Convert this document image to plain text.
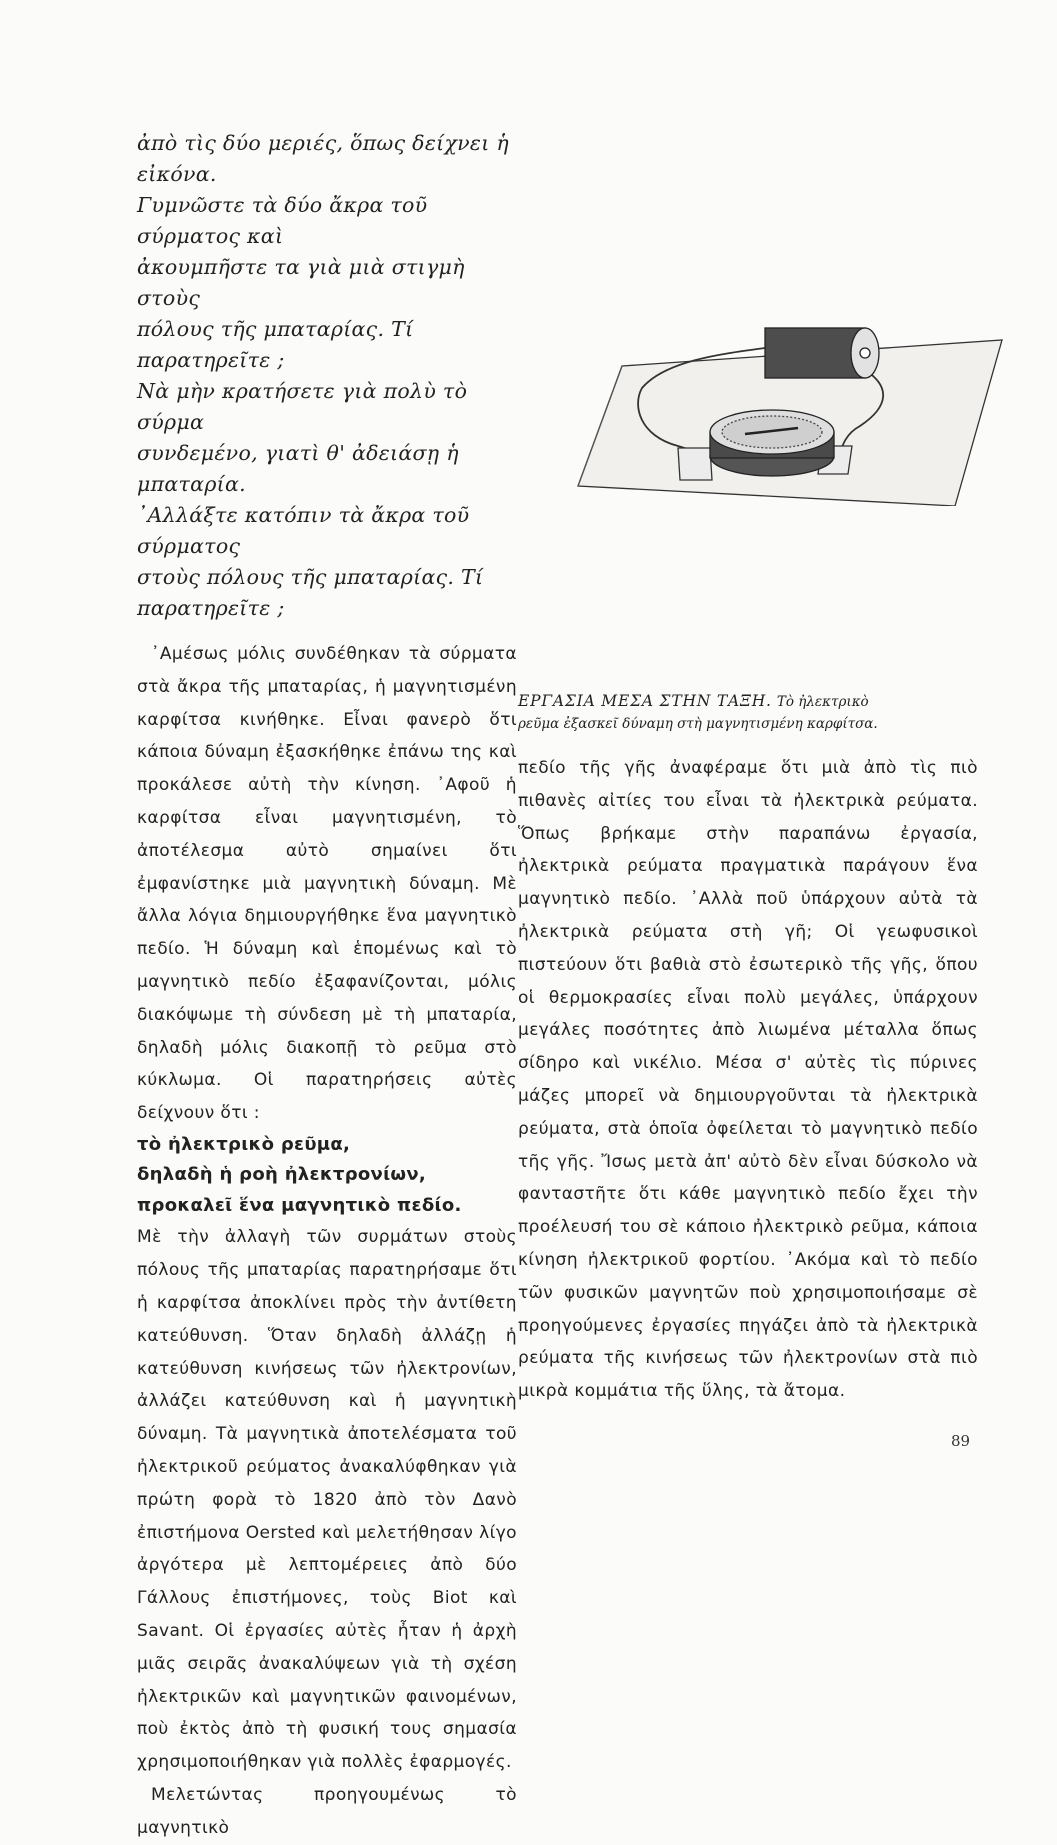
ἀπὸ τὶς δύο μεριές, ὅπως δείχνει ἡ εἰκόνα.
Γυμνῶστε τὰ δύο ἄκρα τοῦ σύρματος καὶ
ἀκουμπῆστε τα γιὰ μιὰ στιγμὴ στοὺς
πόλους τῆς μπαταρίας. Τί παρατηρεῖτε ;
Νὰ μὴν κρατήσετε γιὰ πολὺ τὸ σύρμα
συνδεμένο, γιατὶ θ' ἀδειάσῃ ἡ μπαταρία.
᾿Αλλάξτε κατόπιν τὰ ἄκρα τοῦ σύρματος
στοὺς πόλους τῆς μπαταρίας. Τί
παρατηρεῖτε ;

᾿Αμέσως μόλις συνδέθηκαν τὰ σύρματα στὰ ἄκρα τῆς μπαταρίας, ἡ μαγνητισμένη καρφίτσα κινήθηκε. Εἶναι φανερὸ ὅτι κάποια δύναμη ἐξασκήθηκε ἐπάνω της καὶ προκάλεσε αὐτὴ τὴν κίνηση. ᾿Αφοῦ ἡ καρφίτσα εἶναι μαγνητισμένη, τὸ ἀποτέλεσμα αὐτὸ σημαίνει ὅτι ἐμφανίστηκε μιὰ μαγνητικὴ δύναμη. Μὲ ἄλλα λόγια δημιουργήθηκε ἕνα μαγνητικὸ πεδίο. Ἡ δύναμη καὶ ἑπομένως καὶ τὸ μαγνητικὸ πεδίο ἐξαφανίζονται, μόλις διακόψωμε τὴ σύνδεση μὲ τὴ μπαταρία, δηλαδὴ μόλις διακοπῇ τὸ ρεῦμα στὸ κύκλωμα. Οἱ παρατηρήσεις αὐτὲς δείχνουν ὅτι :

τὸ ἠλεκτρικὸ ρεῦμα,
δηλαδὴ ἡ ροὴ ἠλεκτρονίων,
προκαλεῖ ἕνα μαγνητικὸ πεδίο.

Μὲ τὴν ἀλλαγὴ τῶν συρμάτων στοὺς πόλους τῆς μπαταρίας παρατηρήσαμε ὅτι ἡ καρφίτσα ἀποκλίνει πρὸς τὴν ἀντίθετη κατεύθυνση. Ὅταν δηλαδὴ ἀλλάζῃ ἡ κατεύθυνση κινήσεως τῶν ἠλεκτρονίων, ἀλλάζει κατεύθυνση καὶ ἡ μαγνητικὴ δύναμη. Τὰ μαγνητικὰ ἀποτελέσματα τοῦ ἠλεκτρικοῦ ρεύματος ἀνακαλύφθηκαν γιὰ πρώτη φορὰ τὸ 1820 ἀπὸ τὸν Δανὸ ἐπιστήμονα Oersted καὶ μελετήθησαν λίγο ἀργότερα μὲ λεπτομέρειες ἀπὸ δύο Γάλλους ἐπιστήμονες, τοὺς Biot καὶ Savant. Οἱ ἐργασίες αὐτὲς ἦταν ἡ ἀρχὴ μιᾶς σειρᾶς ἀνακαλύψεων γιὰ τὴ σχέση ἠλεκτρικῶν καὶ μαγνητικῶν φαινομένων, ποὺ ἐκτὸς ἀπὸ τὴ φυσική τους σημασία χρησιμοποιήθηκαν γιὰ πολλὲς ἐφαρμογές.

Μελετώντας προηγουμένως τὸ μαγνητικὸ

ΕΡΓΑΣΙΑ ΜΕΣΑ ΣΤΗΝ ΤΑΞΗ. Τὸ ἠλεκτρικὸ
ρεῦμα ἐξασκεῖ δύναμη στὴ μαγνητισμένη καρφίτσα.

πεδίο τῆς γῆς ἀναφέραμε ὅτι μιὰ ἀπὸ τὶς πιὸ πιθανὲς αἰτίες του εἶναι τὰ ἠλεκτρικὰ ρεύματα. Ὅπως βρήκαμε στὴν παραπάνω ἐργασία, ἠλεκτρικὰ ρεύματα πραγματικὰ παράγουν ἕνα μαγνητικὸ πεδίο. ᾿Αλλὰ ποῦ ὑπάρχουν αὐτὰ τὰ ἠλεκτρικὰ ρεύματα στὴ γῆ; Οἱ γεωφυσικοὶ πιστεύουν ὅτι βαθιὰ στὸ ἐσωτερικὸ τῆς γῆς, ὅπου οἱ θερμοκρασίες εἶναι πολὺ μεγάλες, ὑπάρχουν μεγάλες ποσότητες ἀπὸ λιωμένα μέταλλα ὅπως σίδηρο καὶ νικέλιο. Μέσα σ' αὐτὲς τὶς πύρινες μάζες μπορεῖ νὰ δημιουργοῦνται τὰ ἠλεκτρικὰ ρεύματα, στὰ ὁποῖα ὀφείλεται τὸ μαγνητικὸ πεδίο τῆς γῆς. Ἴσως μετὰ ἀπ' αὐτὸ δὲν εἶναι δύσκολο νὰ φανταστῆτε ὅτι κάθε μαγνητικὸ πεδίο ἔχει τὴν προέλευσή του σὲ κάποιο ἠλεκτρικὸ ρεῦμα, κάποια κίνηση ἠλεκτρικοῦ φορτίου. ᾿Ακόμα καὶ τὸ πεδίο τῶν φυσικῶν μαγνητῶν ποὺ χρησιμοποιήσαμε σὲ προηγούμενες ἐργασίες πηγάζει ἀπὸ τὰ ἠλεκτρικὰ ρεύματα τῆς κινήσεως τῶν ἠλεκτρονίων στὰ πιὸ μικρὰ κομμάτια τῆς ὕλης, τὰ ἄτομα.

89
